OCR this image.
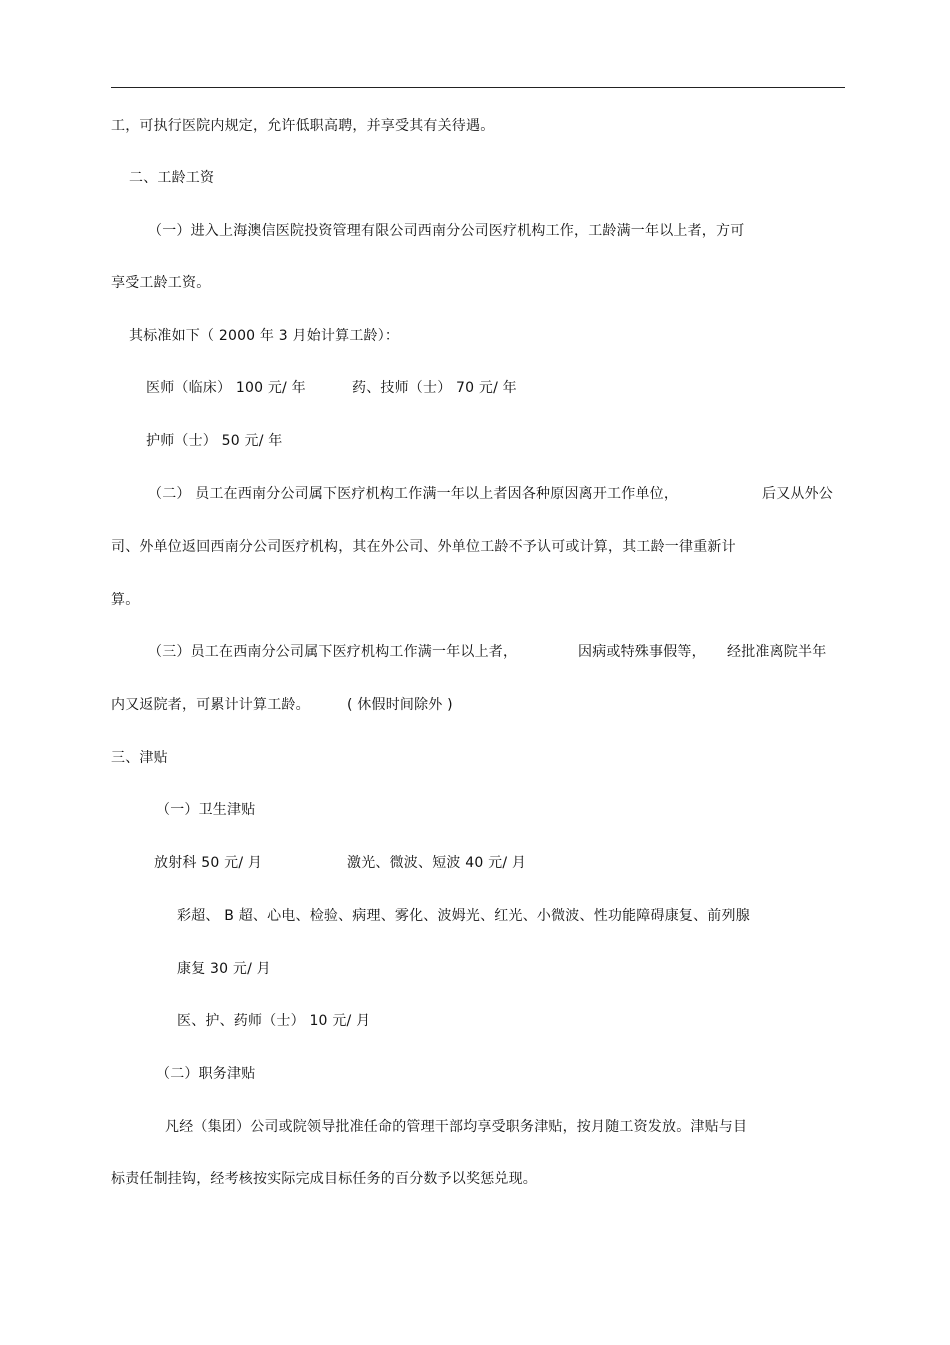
工，可执行医院内规定，允许低职高聘，并享受其有关待遇。
二、工龄工资
（一）进入上海澳信医院投资管理有限公司西南分公司医疗机构工作，工龄满一年以上者，方可
享受工龄工资。
其标准如下（ 2000 年 3 月始计算工龄）：
医师（临床） 100 元/ 年	药、技师（士） 70 元/ 年
护师（士） 50 元/ 年
（二） 员工在西南分公司属下医疗机构工作满一年以上者因各种原因离开工作单位，	后又从外公
司、外单位返回西南分公司医疗机构，其在外公司、外单位工龄不予认可或计算，其工龄一律重新计
算。
（三）员工在西南分公司属下医疗机构工作满一年以上者，	因病或特殊事假等， 经批准离院半年
内又返院者，可累计计算工龄。	( 休假时间除外 )
三、津贴
（一）卫生津贴
放射科 50 元/ 月	激光、微波、短波 40 元/ 月
彩超、 B 超、心电、检验、病理、雾化、波姆光、红光、小微波、性功能障碍康复、前列腺
康复 30 元/ 月
医、护、药师（士） 10 元/ 月
（二）职务津贴
凡经（集团）公司或院领导批准任命的管理干部均享受职务津贴，按月随工资发放。津贴与目
标责任制挂钩，经考核按实际完成目标任务的百分数予以奖惩兑现。
